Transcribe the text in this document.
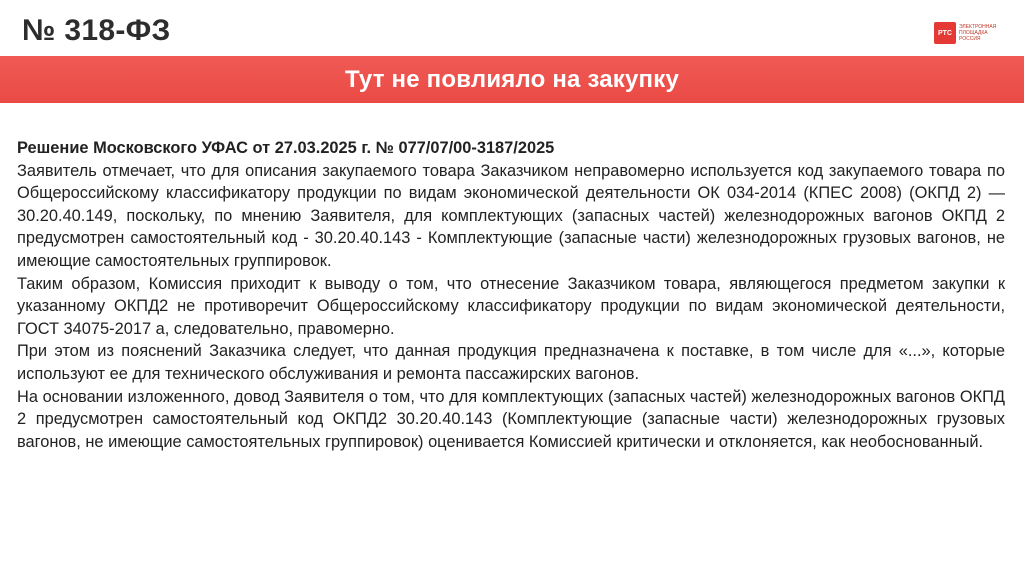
№ 318-ФЗ	РТС
ЭЛЕКТРОННАЯ
ПЛОЩАДКА
РОССИЯ
Тут не повлияло на закупку

Решение Московского УФАС от 27.03.2025 г. № 077/07/00-3187/2025

Заявитель отмечает, что для описания закупаемого товара Заказчиком неправомерно используется код закупаемого товара по Общероссийскому классификатору продукции по видам экономической деятельности ОК 034-2014 (КПЕС 2008) (ОКПД 2) — 30.20.40.149, поскольку, по мнению Заявителя, для комплектующих (запасных частей) железнодорожных вагонов ОКПД 2 предусмотрен самостоятельный код - 30.20.40.143 - Комплектующие (запасные части) железнодорожных грузовых вагонов, не имеющие самостоятельных группировок.

Таким образом, Комиссия приходит к выводу о том, что отнесение Заказчиком товара, являющегося предметом закупки к указанному ОКПД2 не противоречит Общероссийскому классификатору продукции по видам экономической деятельности, ГОСТ 34075-2017 а, следовательно, правомерно.

При этом из пояснений Заказчика следует, что данная продукция предназначена к поставке, в том числе для «...», которые используют ее для технического обслуживания и ремонта пассажирских вагонов.

На основании изложенного, довод Заявителя о том, что для комплектующих (запасных частей) железнодорожных вагонов ОКПД 2 предусмотрен самостоятельный код ОКПД2 30.20.40.143 (Комплектующие (запасные части) железнодорожных грузовых вагонов, не имеющие самостоятельных группировок) оценивается Комиссией критически и отклоняется, как необоснованный.
